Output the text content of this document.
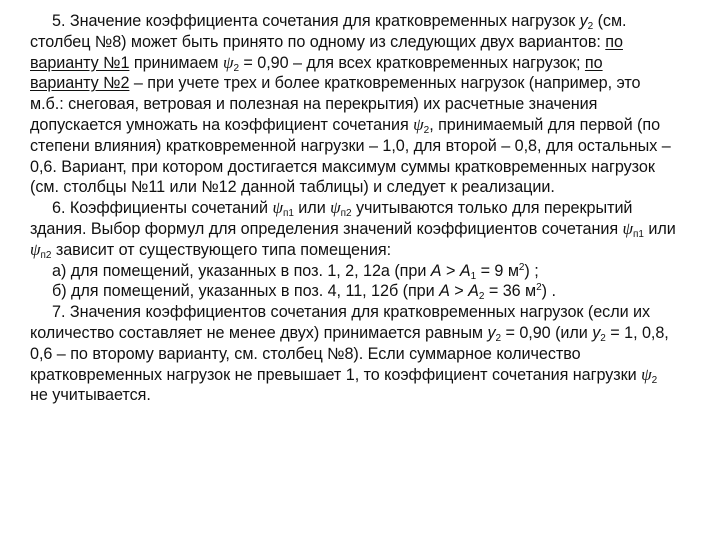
5. Значение коэффициента сочетания для кратковременных нагрузок $у_2$ (см.
столбец №8) может быть принято по одному из следующих двух вариантов: по
варианту №1 принимаем $\psi_2 = 0,90$ – для всех кратковременных нагрузок; по
варианту №2 – при учете трех и более кратковременных нагрузок (например, это
м.б.: снеговая, ветровая и полезная на перекрытия) их расчетные значения
допускается умножать на коэффициент сочетания $\psi_2$, принимаемый для первой (по
степени влияния) кратковременной нагрузки – 1,0, для второй – 0,8, для остальных –
0,6. Вариант, при котором достигается максимум суммы кратковременных нагрузок
(см. столбцы №11 или №12 данной таблицы) и следует к реализации.
6. Коэффициенты сочетаний $\psi_{п1}$ или $\psi_{п2}$ учитываются только для перекрытий
здания. Выбор формул для определения значений коэффициентов сочетания $\psi_{п1}$ или
$\psi_{п2}$ зависит от существующего типа помещения:
а) для помещений, указанных в поз. 1, 2, 12а (при $A > A_1 = 9$ $м^2$) ;
б) для помещений, указанных в поз. 4, 11, 12б (при $A > A_2 = 36$ $м^2$) .
7. Значения коэффициентов сочетания для кратковременных нагрузок (если их
количество составляет не менее двух) принимается равным $у_2 = 0,90$ (или $у_2 = 1$, 0,8,
0,6 – по второму варианту, см. столбец №8). Если суммарное количество
кратковременных нагрузок не превышает 1, то коэффициент сочетания нагрузки $\psi_2$
не учитывается.
